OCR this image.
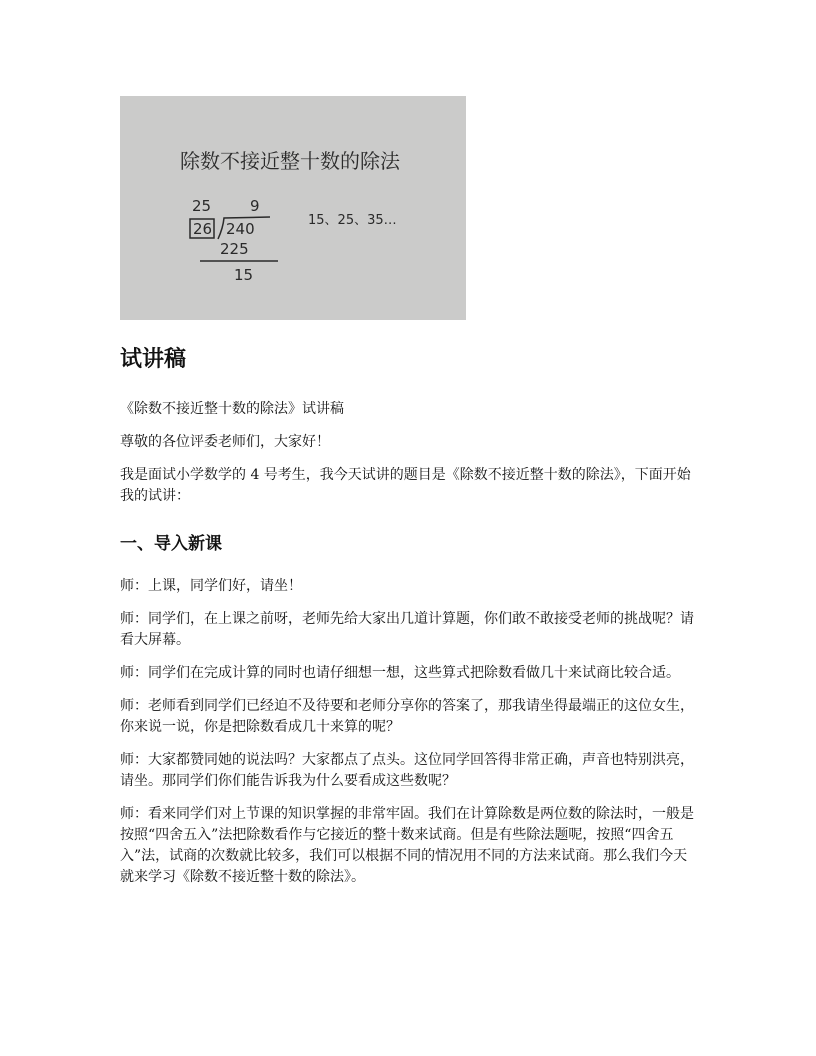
除数不接近整十数的除法
25	9
26 240
225
15
15、25、35…
试讲稿

《除数不接近整十数的除法》试讲稿

尊敬的各位评委老师们，大家好！

我是面试小学数学的 4 号考生，我今天试讲的题目是《除数不接近整十数的除法》，下面开始我的试讲：

一、导入新课

师：上课，同学们好，请坐！

师：同学们，在上课之前呀，老师先给大家出几道计算题，你们敢不敢接受老师的挑战呢？请看大屏幕。

师：同学们在完成计算的同时也请仔细想一想，这些算式把除数看做几十来试商比较合适。

师：老师看到同学们已经迫不及待要和老师分享你的答案了，那我请坐得最端正的这位女生，你来说一说，你是把除数看成几十来算的呢？

师：大家都赞同她的说法吗？大家都点了点头。这位同学回答得非常正确，声音也特别洪亮，请坐。那同学们你们能告诉我为什么要看成这些数呢？

师：看来同学们对上节课的知识掌握的非常牢固。我们在计算除数是两位数的除法时，一般是按照“四舍五入”法把除数看作与它接近的整十数来试商。但是有些除法题呢，按照“四舍五入”法，试商的次数就比较多，我们可以根据不同的情况用不同的方法来试商。那么我们今天就来学习《除数不接近整十数的除法》。
